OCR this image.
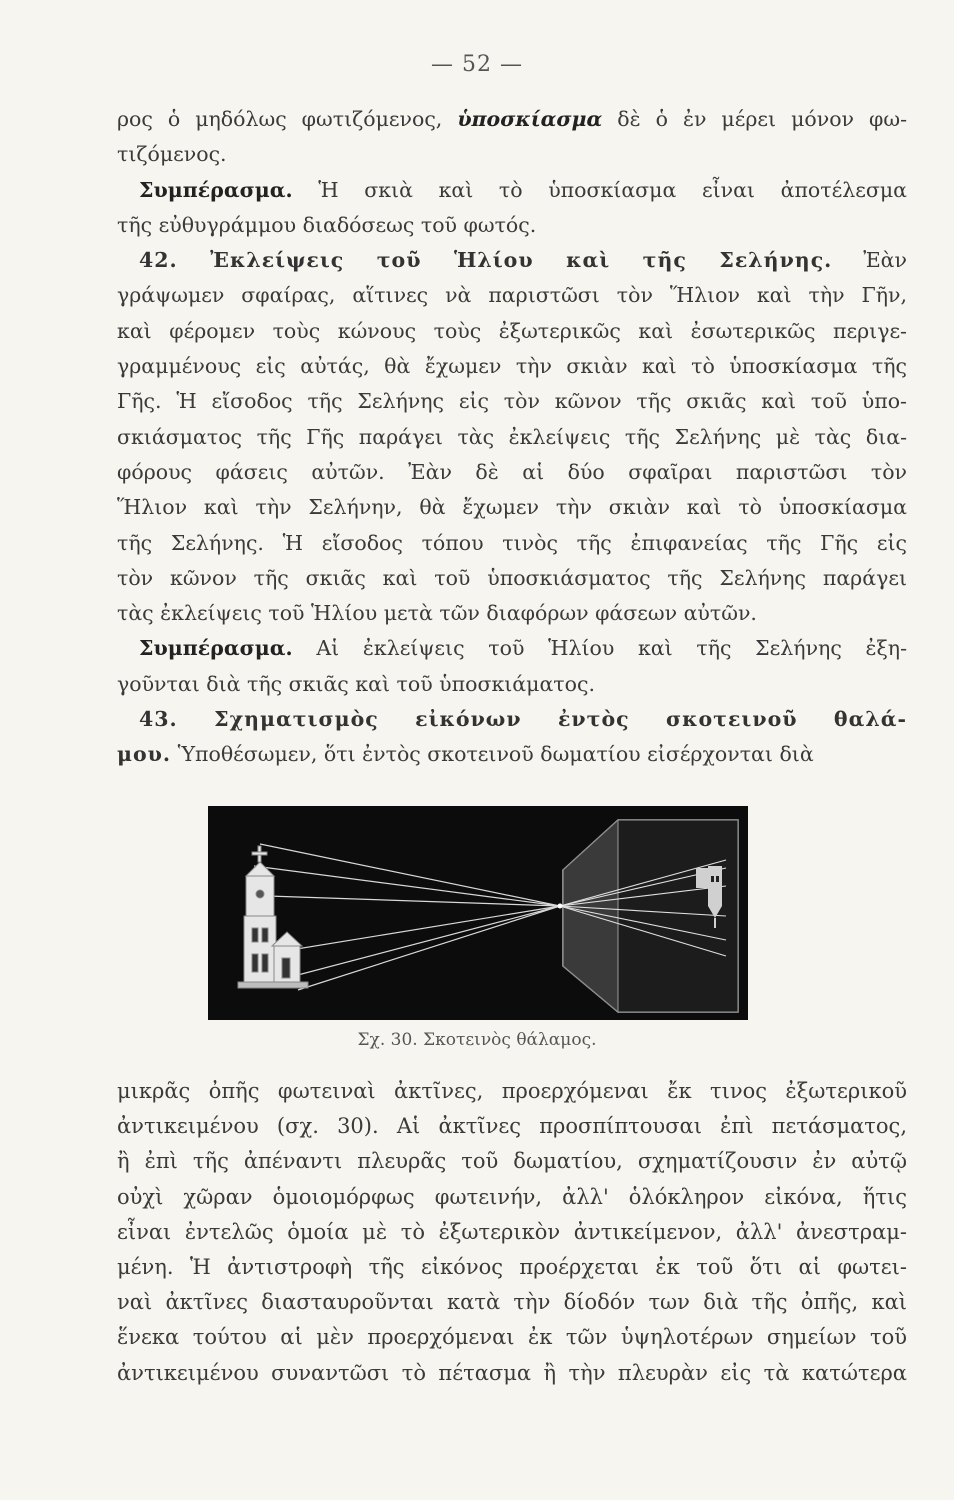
— 52 —
ρος ὁ μηδόλως φωτιζόμενος, ὑποσκίασμα δὲ ὁ ἐν μέρει μόνον φω-
τιζόμενος.
Συμπέρασμα. Ἡ σκιὰ καὶ τὸ ὑποσκίασμα εἶναι ἀποτέλεσμα
τῆς εὐθυγράμμου διαδόσεως τοῦ φωτός.
42. Ἐκλείψεις τοῦ Ἡλίου καὶ τῆς Σελήνης. Ἐὰν
γράψωμεν σφαίρας, αἵτινες νὰ παριστῶσι τὸν Ἥλιον καὶ τὴν Γῆν,
καὶ φέρομεν τοὺς κώνους τοὺς ἐξωτερικῶς καὶ ἐσωτερικῶς περιγε-
γραμμένους εἰς αὐτάς, θὰ ἔχωμεν τὴν σκιὰν καὶ τὸ ὑποσκίασμα τῆς
Γῆς. Ἡ εἴσοδος τῆς Σελήνης εἰς τὸν κῶνον τῆς σκιᾶς καὶ τοῦ ὑπο-
σκιάσματος τῆς Γῆς παράγει τὰς ἐκλείψεις τῆς Σελήνης μὲ τὰς δια-
φόρους φάσεις αὐτῶν. Ἐὰν δὲ αἱ δύο σφαῖραι παριστῶσι τὸν
Ἥλιον καὶ τὴν Σελήνην, θὰ ἔχωμεν τὴν σκιὰν καὶ τὸ ὑποσκίασμα
τῆς Σελήνης. Ἡ εἴσοδος τόπου τινὸς τῆς ἐπιφανείας τῆς Γῆς εἰς
τὸν κῶνον τῆς σκιᾶς καὶ τοῦ ὑποσκιάσματος τῆς Σελήνης παράγει
τὰς ἐκλείψεις τοῦ Ἡλίου μετὰ τῶν διαφόρων φάσεων αὐτῶν.
Συμπέρασμα. Αἱ ἐκλείψεις τοῦ Ἡλίου καὶ τῆς Σελήνης ἐξη-
γοῦνται διὰ τῆς σκιᾶς καὶ τοῦ ὑποσκιάματος.
43. Σχηματισμὸς εἰκόνων ἐντὸς σκοτεινοῦ θαλά-
μου. Ὑποθέσωμεν, ὅτι ἐντὸς σκοτεινοῦ δωματίου εἰσέρχονται διὰ
Σχ. 30. Σκοτεινὸς θάλαμος.
μικρᾶς ὀπῆς φωτειναὶ ἀκτῖνες, προερχόμεναι ἔκ τινος ἐξωτερικοῦ
ἀντικειμένου (σχ. 30). Αἱ ἀκτῖνες προσπίπτουσαι ἐπὶ πετάσματος,
ἢ ἐπὶ τῆς ἀπέναντι πλευρᾶς τοῦ δωματίου, σχηματίζουσιν ἐν αὐτῷ
οὐχὶ χῶραν ὁμοιομόρφως φωτεινήν, ἀλλ' ὁλόκληρον εἰκόνα, ἥτις
εἶναι ἐντελῶς ὁμοία μὲ τὸ ἐξωτερικὸν ἀντικείμενον, ἀλλ' ἀνεστραμ-
μένη. Ἡ ἀντιστροφὴ τῆς εἰκόνος προέρχεται ἐκ τοῦ ὅτι αἱ φωτει-
ναὶ ἀκτῖνες διασταυροῦνται κατὰ τὴν δίοδόν των διὰ τῆς ὀπῆς, καὶ
ἕνεκα τούτου αἱ μὲν προερχόμεναι ἐκ τῶν ὑψηλοτέρων σημείων τοῦ
ἀντικειμένου συναντῶσι τὸ πέτασμα ἢ τὴν πλευρὰν εἰς τὰ κατώτερα
